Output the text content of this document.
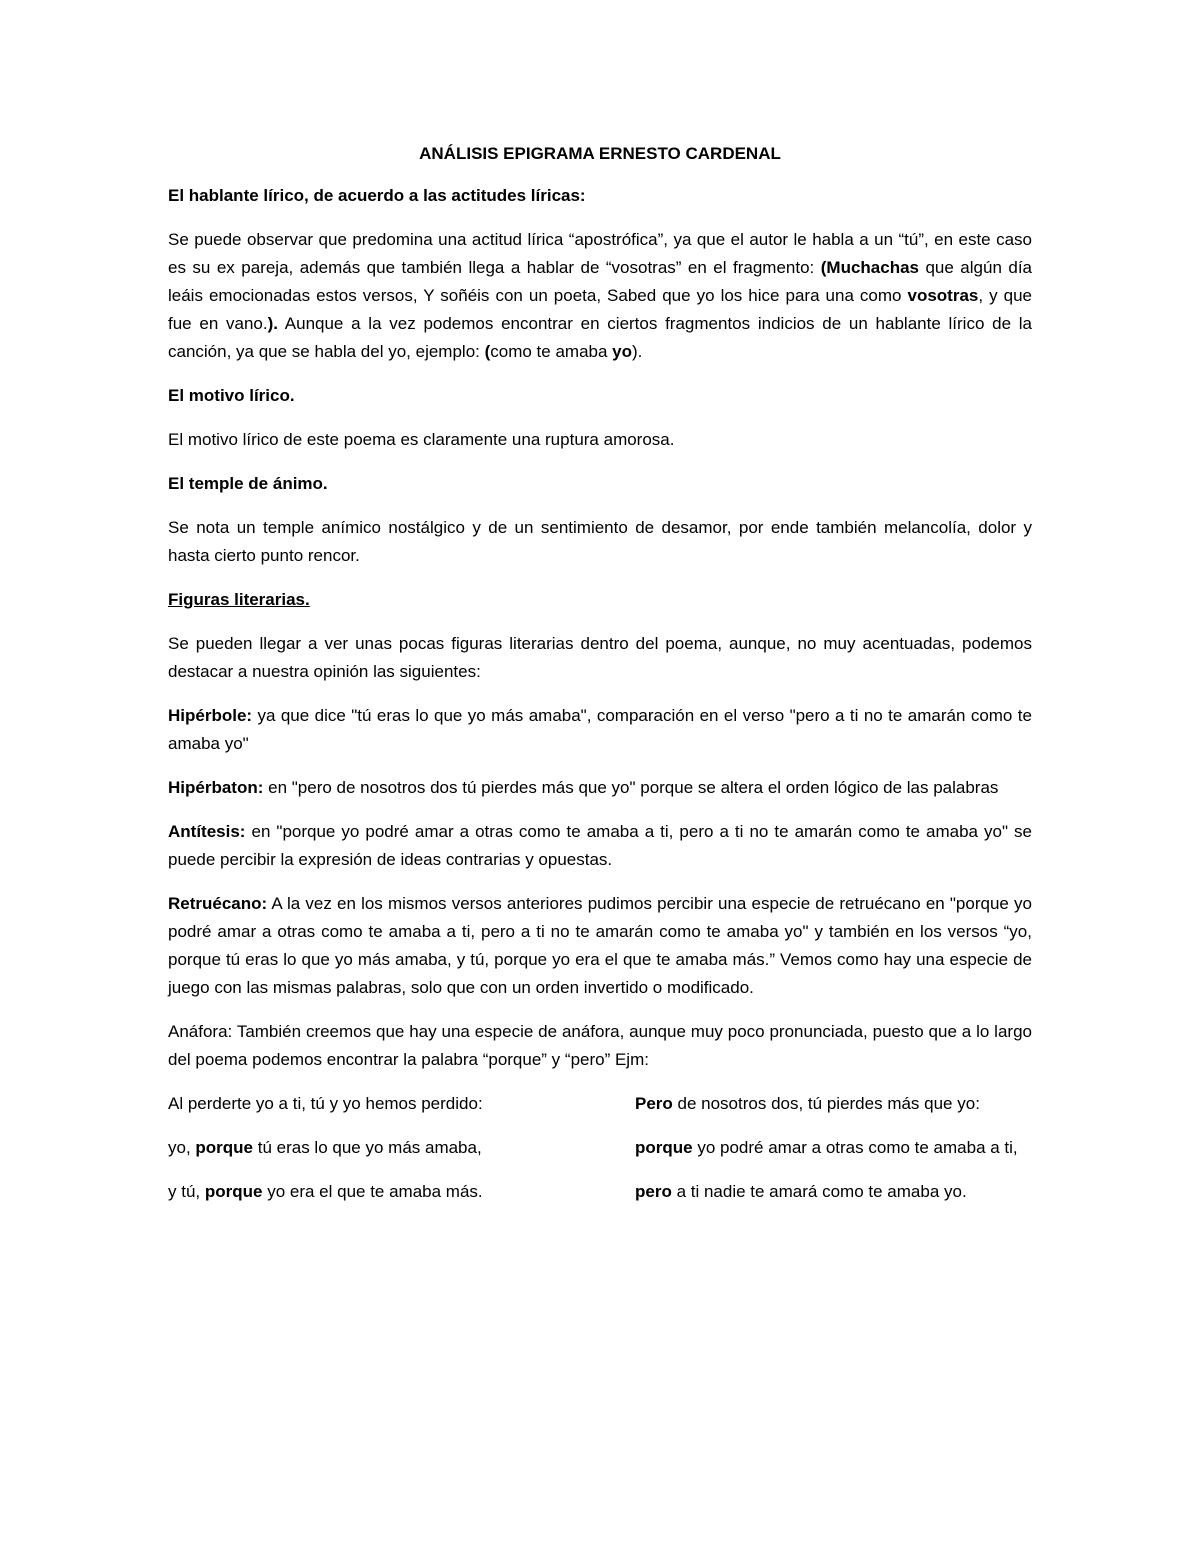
ANÁLISIS EPIGRAMA ERNESTO CARDENAL
El hablante lírico, de acuerdo a las actitudes líricas:
Se puede observar que predomina una actitud lírica “apostrófica”, ya que el autor le habla a un “tú”, en este caso es su ex pareja, además que también llega a hablar de “vosotras” en el fragmento: (Muchachas que algún día leáis emocionadas estos versos, Y soñéis con un poeta, Sabed que yo los hice para una como vosotras, y que fue en vano.). Aunque a la vez podemos encontrar en ciertos fragmentos indicios de un hablante lírico de la canción, ya que se habla del yo, ejemplo: (como te amaba yo).
El motivo lírico.
El motivo lírico de este poema es claramente una ruptura amorosa.
El temple de ánimo.
Se nota un temple anímico nostálgico y de un sentimiento de desamor, por ende también melancolía, dolor y hasta cierto punto rencor.
Figuras literarias.
Se pueden llegar a ver unas pocas figuras literarias dentro del poema, aunque, no muy acentuadas, podemos destacar a nuestra opinión las siguientes:
Hipérbole: ya que dice "tú eras lo que yo más amaba", comparación en el verso "pero a ti no te amarán como te amaba yo"
Hipérbaton: en "pero de nosotros dos tú pierdes más que yo" porque se altera el orden lógico de las palabras
Antítesis: en "porque yo podré amar a otras como te amaba a ti, pero a ti no te amarán como te amaba yo" se puede percibir la expresión de ideas contrarias y opuestas.
Retruécano: A la vez en los mismos versos anteriores pudimos percibir una especie de retruécano en "porque yo podré amar a otras como te amaba a ti, pero a ti no te amarán como te amaba yo" y también en los versos “yo, porque tú eras lo que yo más amaba, y tú, porque yo era el que te amaba más.” Vemos como hay una especie de juego con las mismas palabras, solo que con un orden invertido o modificado.
Anáfora: También creemos que hay una especie de anáfora, aunque muy poco pronunciada, puesto que a lo largo del poema podemos encontrar la palabra “porque” y “pero” Ejm:
Al perderte yo a ti, tú y yo hemos perdido:
yo, porque tú eras lo que yo más amaba,
y tú, porque yo era el que te amaba más.
Pero de nosotros dos, tú pierdes más que yo:
porque yo podré amar a otras como te amaba a ti,
pero a ti nadie te amará como te amaba yo.
